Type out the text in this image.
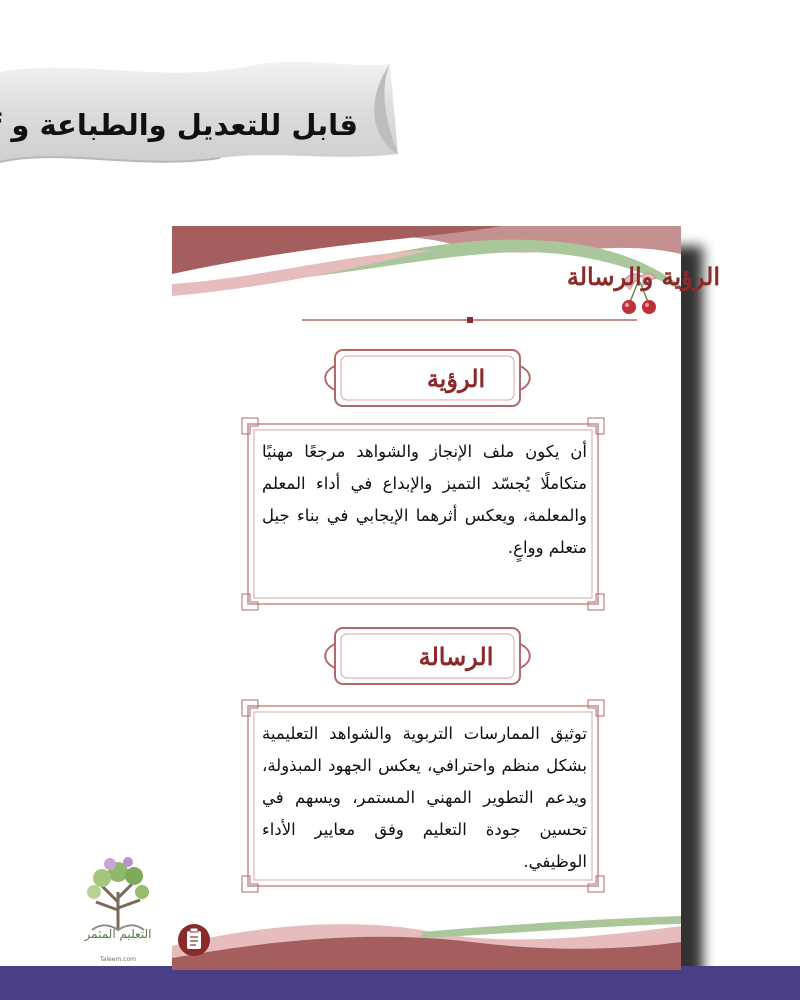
قابل للتعديل والطباعة و
الرؤية والرسالة
الرؤية
أن يكون ملف الإنجاز والشواهد مرجعًا مهنيًا متكاملًا يُجسّد التميز والإبداع في أداء المعلم والمعلمة، ويعكس أثرهما الإيجابي في بناء جيل متعلم وواعٍ.
الرسالة
توثيق الممارسات التربوية والشواهد التعليمية بشكل منظم واحترافي، يعكس الجهود المبذولة، ويدعم التطوير المهني المستمر، ويسهم في تحسين جودة التعليم وفق معايير الأداء الوظيفي.
التعليم المثمر
Taleem.com
